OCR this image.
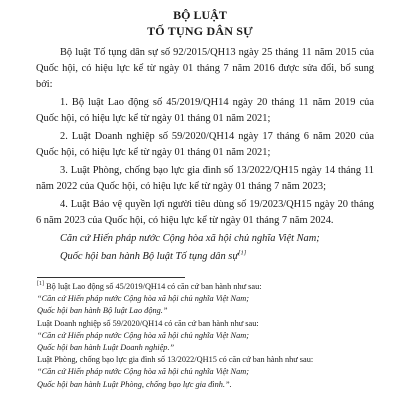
BỘ LUẬT
TỐ TỤNG DÂN SỰ

Bộ luật Tố tụng dân sự số 92/2015/QH13 ngày 25 tháng 11 năm 2015 của Quốc hội, có hiệu lực kể từ ngày 01 tháng 7 năm 2016 được sửa đổi, bổ sung bởi:

1. Bộ luật Lao động số 45/2019/QH14 ngày 20 tháng 11 năm 2019 của Quốc hội, có hiệu lực kể từ ngày 01 tháng 01 năm 2021;

2. Luật Doanh nghiệp số 59/2020/QH14 ngày 17 tháng 6 năm 2020 của Quốc hội, có hiệu lực kể từ ngày 01 tháng 01 năm 2021;

3. Luật Phòng, chống bạo lực gia đình số 13/2022/QH15 ngày 14 tháng 11 năm 2022 của Quốc hội, có hiệu lực kể từ ngày 01 tháng 7 năm 2023;

4. Luật Bảo vệ quyền lợi người tiêu dùng số 19/2023/QH15 ngày 20 tháng 6 năm 2023 của Quốc hội, có hiệu lực kể từ ngày 01 tháng 7 năm 2024.

Căn cứ Hiến pháp nước Cộng hòa xã hội chủ nghĩa Việt Nam;

Quốc hội ban hành Bộ luật Tố tụng dân sự[1]

[1] Bộ luật Lao động số 45/2019/QH14 có căn cứ ban hành như sau:

“Căn cứ Hiến pháp nước Cộng hòa xã hội chủ nghĩa Việt Nam;

Quốc hội ban hành Bộ luật Lao động.”

Luật Doanh nghiệp số 59/2020/QH14 có căn cứ ban hành như sau:

“Căn cứ Hiến pháp nước Cộng hòa xã hội chủ nghĩa Việt Nam;

Quốc hội ban hành Luật Doanh nghiệp.”

Luật Phòng, chống bạo lực gia đình số 13/2022/QH15 có căn cứ ban hành như sau:

“Căn cứ Hiến pháp nước Cộng hòa xã hội chủ nghĩa Việt Nam;

Quốc hội ban hành Luật Phòng, chống bạo lực gia đình.”.
